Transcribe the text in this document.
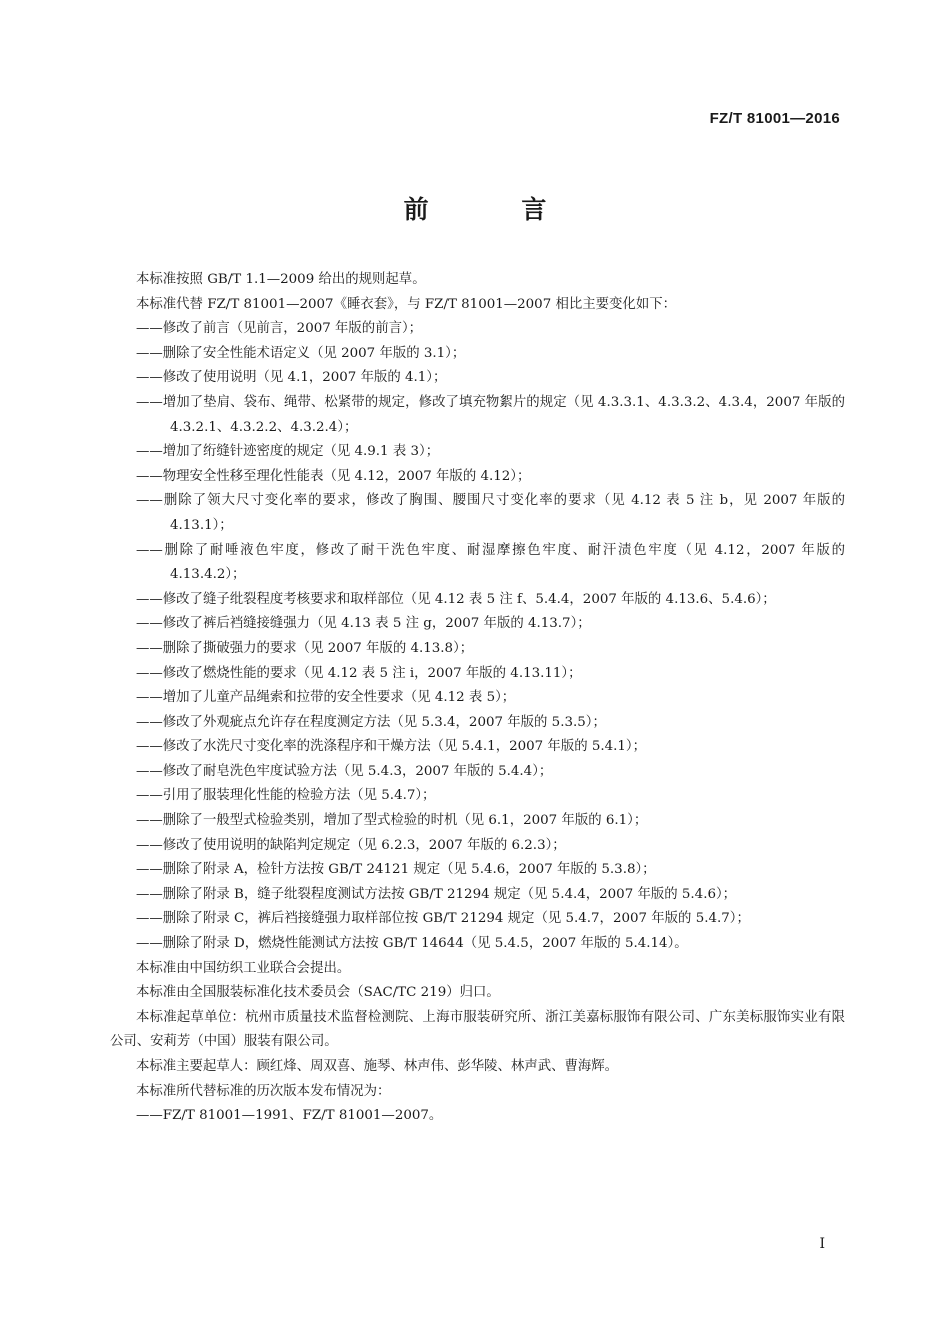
FZ/T 81001—2016
前 言

本标准按照 GB/T 1.1—2009 给出的规则起草。

本标准代替 FZ/T 81001—2007《睡衣套》，与 FZ/T 81001—2007 相比主要变化如下：

——修改了前言（见前言，2007 年版的前言）；

——删除了安全性能术语定义（见 2007 年版的 3.1）；

——修改了使用说明（见 4.1，2007 年版的 4.1）；

——增加了垫肩、袋布、绳带、松紧带的规定，修改了填充物絮片的规定（见 4.3.3.1、4.3.3.2、4.3.4，2007 年版的 4.3.2.1、4.3.2.2、4.3.2.4）；

——增加了绗缝针迹密度的规定（见 4.9.1 表 3）；

——物理安全性移至理化性能表（见 4.12，2007 年版的 4.12）；

——删除了领大尺寸变化率的要求，修改了胸围、腰围尺寸变化率的要求（见 4.12 表 5 注 b，见 2007 年版的 4.13.1）；

——删除了耐唾液色牢度，修改了耐干洗色牢度、耐湿摩擦色牢度、耐汗渍色牢度（见 4.12，2007 年版的 4.13.4.2）；

——修改了缝子纰裂程度考核要求和取样部位（见 4.12 表 5 注 f、5.4.4，2007 年版的 4.13.6、5.4.6）；

——修改了裤后裆缝接缝强力（见 4.13 表 5 注 g，2007 年版的 4.13.7）；

——删除了撕破强力的要求（见 2007 年版的 4.13.8）；

——修改了燃烧性能的要求（见 4.12 表 5 注 i，2007 年版的 4.13.11）；

——增加了儿童产品绳索和拉带的安全性要求（见 4.12 表 5）；

——修改了外观疵点允许存在程度测定方法（见 5.3.4，2007 年版的 5.3.5）；

——修改了水洗尺寸变化率的洗涤程序和干燥方法（见 5.4.1，2007 年版的 5.4.1）；

——修改了耐皂洗色牢度试验方法（见 5.4.3，2007 年版的 5.4.4）；

——引用了服装理化性能的检验方法（见 5.4.7）；

——删除了一般型式检验类别，增加了型式检验的时机（见 6.1，2007 年版的 6.1）；

——修改了使用说明的缺陷判定规定（见 6.2.3，2007 年版的 6.2.3）；

——删除了附录 A，检针方法按 GB/T 24121 规定（见 5.4.6，2007 年版的 5.3.8）；

——删除了附录 B，缝子纰裂程度测试方法按 GB/T 21294 规定（见 5.4.4，2007 年版的 5.4.6）；

——删除了附录 C，裤后裆接缝强力取样部位按 GB/T 21294 规定（见 5.4.7，2007 年版的 5.4.7）；

——删除了附录 D，燃烧性能测试方法按 GB/T 14644（见 5.4.5，2007 年版的 5.4.14）。

本标准由中国纺织工业联合会提出。

本标准由全国服装标准化技术委员会（SAC/TC 219）归口。

本标准起草单位：杭州市质量技术监督检测院、上海市服装研究所、浙江美嘉标服饰有限公司、广东美标服饰实业有限公司、安莉芳（中国）服装有限公司。

本标准主要起草人：顾红烽、周双喜、施琴、林声伟、彭华陵、林声武、曹海辉。

本标准所代替标准的历次版本发布情况为：

——FZ/T 81001—1991、FZ/T 81001—2007。

I
